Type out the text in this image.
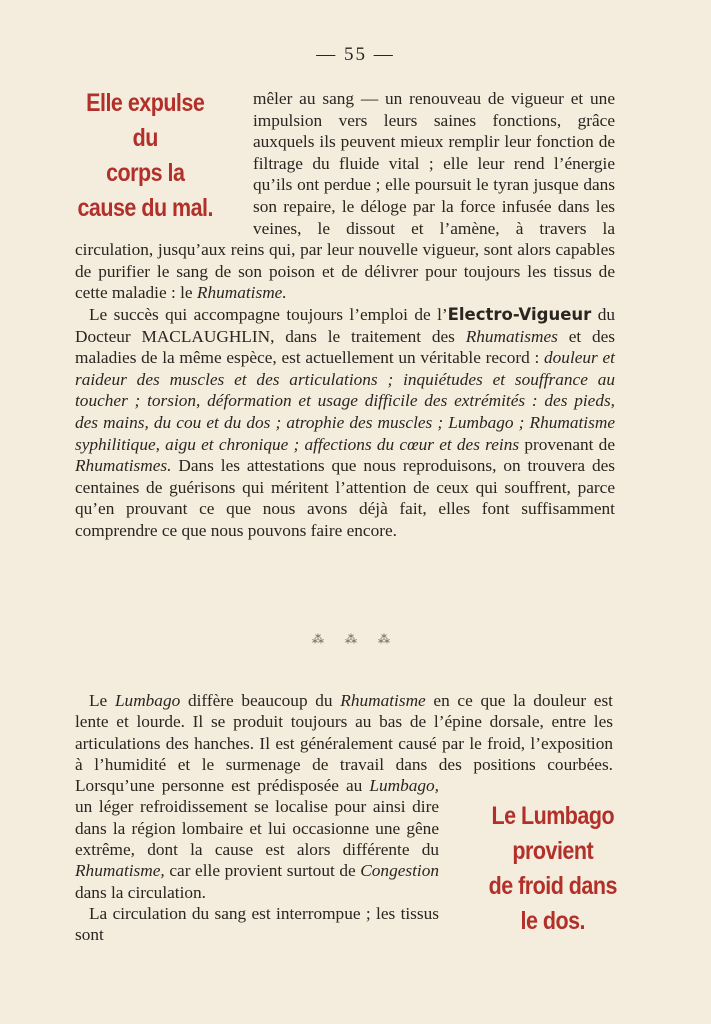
— 55 —
Elle expulse du
corps la
cause du mal.

mêler au sang — un renouveau de vigueur et une impulsion vers leurs saines fonctions, grâce auxquels ils peuvent mieux remplir leur fonction de filtrage du fluide vital ; elle leur rend l’énergie qu’ils ont perdue ; elle poursuit le tyran jusque dans son repaire, le déloge par la force infusée dans les veines, le dissout et l’amène, à travers la circulation, jusqu’aux reins qui, par leur nouvelle vigueur, sont alors capables de purifier le sang de son poison et de délivrer pour toujours les tissus de cette maladie : le Rhumatisme.

Le succès qui accompagne toujours l’emploi de l’Electro-Vigueur du Docteur MACLAUGHLIN, dans le traitement des Rhumatismes et des maladies de la même espèce, est actuellement un véritable record : douleur et raideur des muscles et des articulations ; inquiétudes et souffrance au toucher ; torsion, déformation et usage difficile des extrémités : des pieds, des mains, du cou et du dos ; atrophie des muscles ; Lumbago ; Rhumatisme syphilitique, aigu et chronique ; affections du cœur et des reins provenant de Rhumatismes. Dans les attestations que nous reproduisons, on trouvera des centaines de guérisons qui méritent l’attention de ceux qui souffrent, parce qu’en prouvant ce que nous avons déjà fait, elles font suffisamment comprendre ce que nous pouvons faire encore.

⁂ ⁂ ⁂

Le Lumbago diffère beaucoup du Rhumatisme en ce que la douleur est lente et lourde. Il se produit toujours au bas de l’épine dorsale, entre les articulations des hanches. Il est généralement causé par le froid, l’exposition à l’humidité et le surmenage de travail dans des positions courbées. Lorsqu’une personne est prédisposée au
Le Lumbago
provient
de froid dans
le dos.
Lumbago, un léger refroidissement se localise pour ainsi dire dans la région lombaire et lui occasionne une gêne extrême, dont la cause est alors différente du Rhumatisme, car elle provient surtout de Congestion dans la circulation.

La circulation du sang est interrompue ; les tissus sont
